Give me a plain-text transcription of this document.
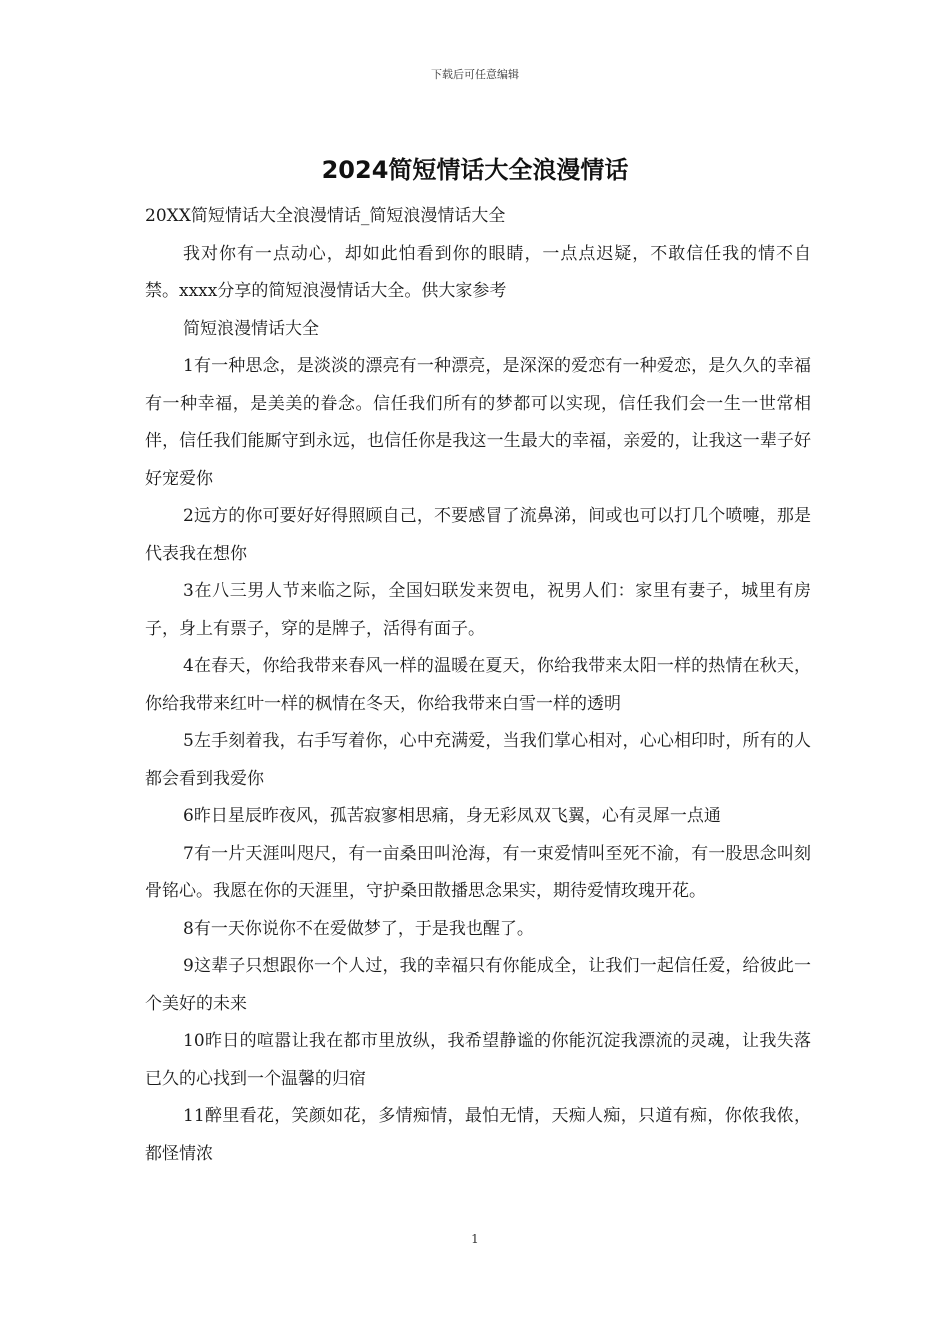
下载后可任意编辑
2024简短情话大全浪漫情话

20XX简短情话大全浪漫情话_简短浪漫情话大全

我对你有一点动心，却如此怕看到你的眼睛，一点点迟疑，不敢信任我的情不自禁。xxxx分享的简短浪漫情话大全。供大家参考

简短浪漫情话大全

1有一种思念，是淡淡的漂亮有一种漂亮，是深深的爱恋有一种爱恋，是久久的幸福有一种幸福，是美美的眷念。信任我们所有的梦都可以实现，信任我们会一生一世常相伴，信任我们能厮守到永远，也信任你是我这一生最大的幸福，亲爱的，让我这一辈子好好宠爱你

2远方的你可要好好得照顾自己，不要感冒了流鼻涕，间或也可以打几个喷嚏，那是代表我在想你

3在八三男人节来临之际，全国妇联发来贺电，祝男人们：家里有妻子，城里有房子，身上有票子，穿的是牌子，活得有面子。

4在春天，你给我带来春风一样的温暖在夏天，你给我带来太阳一样的热情在秋天，你给我带来红叶一样的枫情在冬天，你给我带来白雪一样的透明

5左手刻着我，右手写着你，心中充满爱，当我们掌心相对，心心相印时，所有的人都会看到我爱你

6昨日星辰昨夜风，孤苦寂寥相思痛，身无彩凤双飞翼，心有灵犀一点通

7有一片天涯叫咫尺，有一亩桑田叫沧海，有一束爱情叫至死不渝，有一股思念叫刻骨铭心。我愿在你的天涯里，守护桑田散播思念果实，期待爱情玫瑰开花。

8有一天你说你不在爱做梦了，于是我也醒了。

9这辈子只想跟你一个人过，我的幸福只有你能成全，让我们一起信任爱，给彼此一个美好的未来

10昨日的喧嚣让我在都市里放纵，我希望静谧的你能沉淀我漂流的灵魂，让我失落已久的心找到一个温馨的归宿

11醉里看花，笑颜如花，多情痴情，最怕无情，天痴人痴，只道有痴，你侬我侬，都怪情浓

1
